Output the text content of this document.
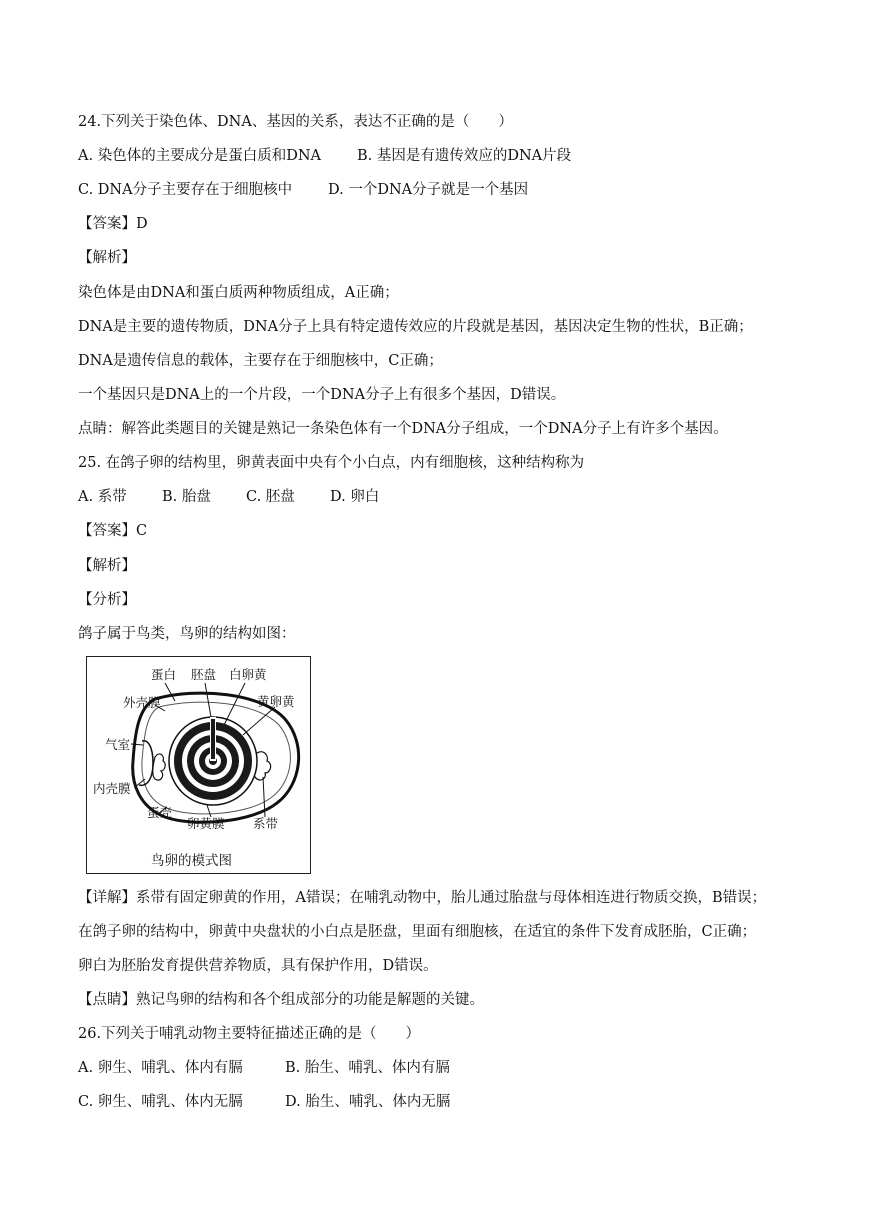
24.下列关于染色体、DNA、基因的关系，表达不正确的是（　　）
A. 染色体的主要成分是蛋白质和DNA B. 基因是有遗传效应的DNA片段
C. DNA分子主要存在于细胞核中 D. 一个DNA分子就是一个基因
【答案】D
【解析】
染色体是由DNA和蛋白质两种物质组成，A正确；
DNA是主要的遗传物质，DNA分子上具有特定遗传效应的片段就是基因，基因决定生物的性状，B正确；
DNA是遗传信息的载体，主要存在于细胞核中，C正确；
一个基因只是DNA上的一个片段，一个DNA分子上有很多个基因，D错误。
点睛：解答此类题目的关键是熟记一条染色体有一个DNA分子组成，一个DNA分子上有许多个基因。
25. 在鸽子卵的结构里，卵黄表面中央有个小白点，内有细胞核，这种结构称为
A. 系带 B. 胎盘 C. 胚盘 D. 卵白
【答案】C
【解析】
【分析】
鸽子属于鸟类，鸟卵的结构如图：
蛋白 胚盘 白卵黄
外壳膜	黄卵黄
气室
内壳膜
蛋壳
卵黄膜 系带
鸟卵的模式图
【详解】系带有固定卵黄的作用，A错误；在哺乳动物中，胎儿通过胎盘与母体相连进行物质交换，B错误；
在鸽子卵的结构中，卵黄中央盘状的小白点是胚盘，里面有细胞核，在适宜的条件下发育成胚胎，C正确；
卵白为胚胎发育提供营养物质，具有保护作用，D错误。
【点睛】熟记鸟卵的结构和各个组成部分的功能是解题的关键。
26.下列关于哺乳动物主要特征描述正确的是（　　）
A. 卵生、哺乳、体内有膈	B. 胎生、哺乳、体内有膈
C. 卵生、哺乳、体内无膈	D. 胎生、哺乳、体内无膈
